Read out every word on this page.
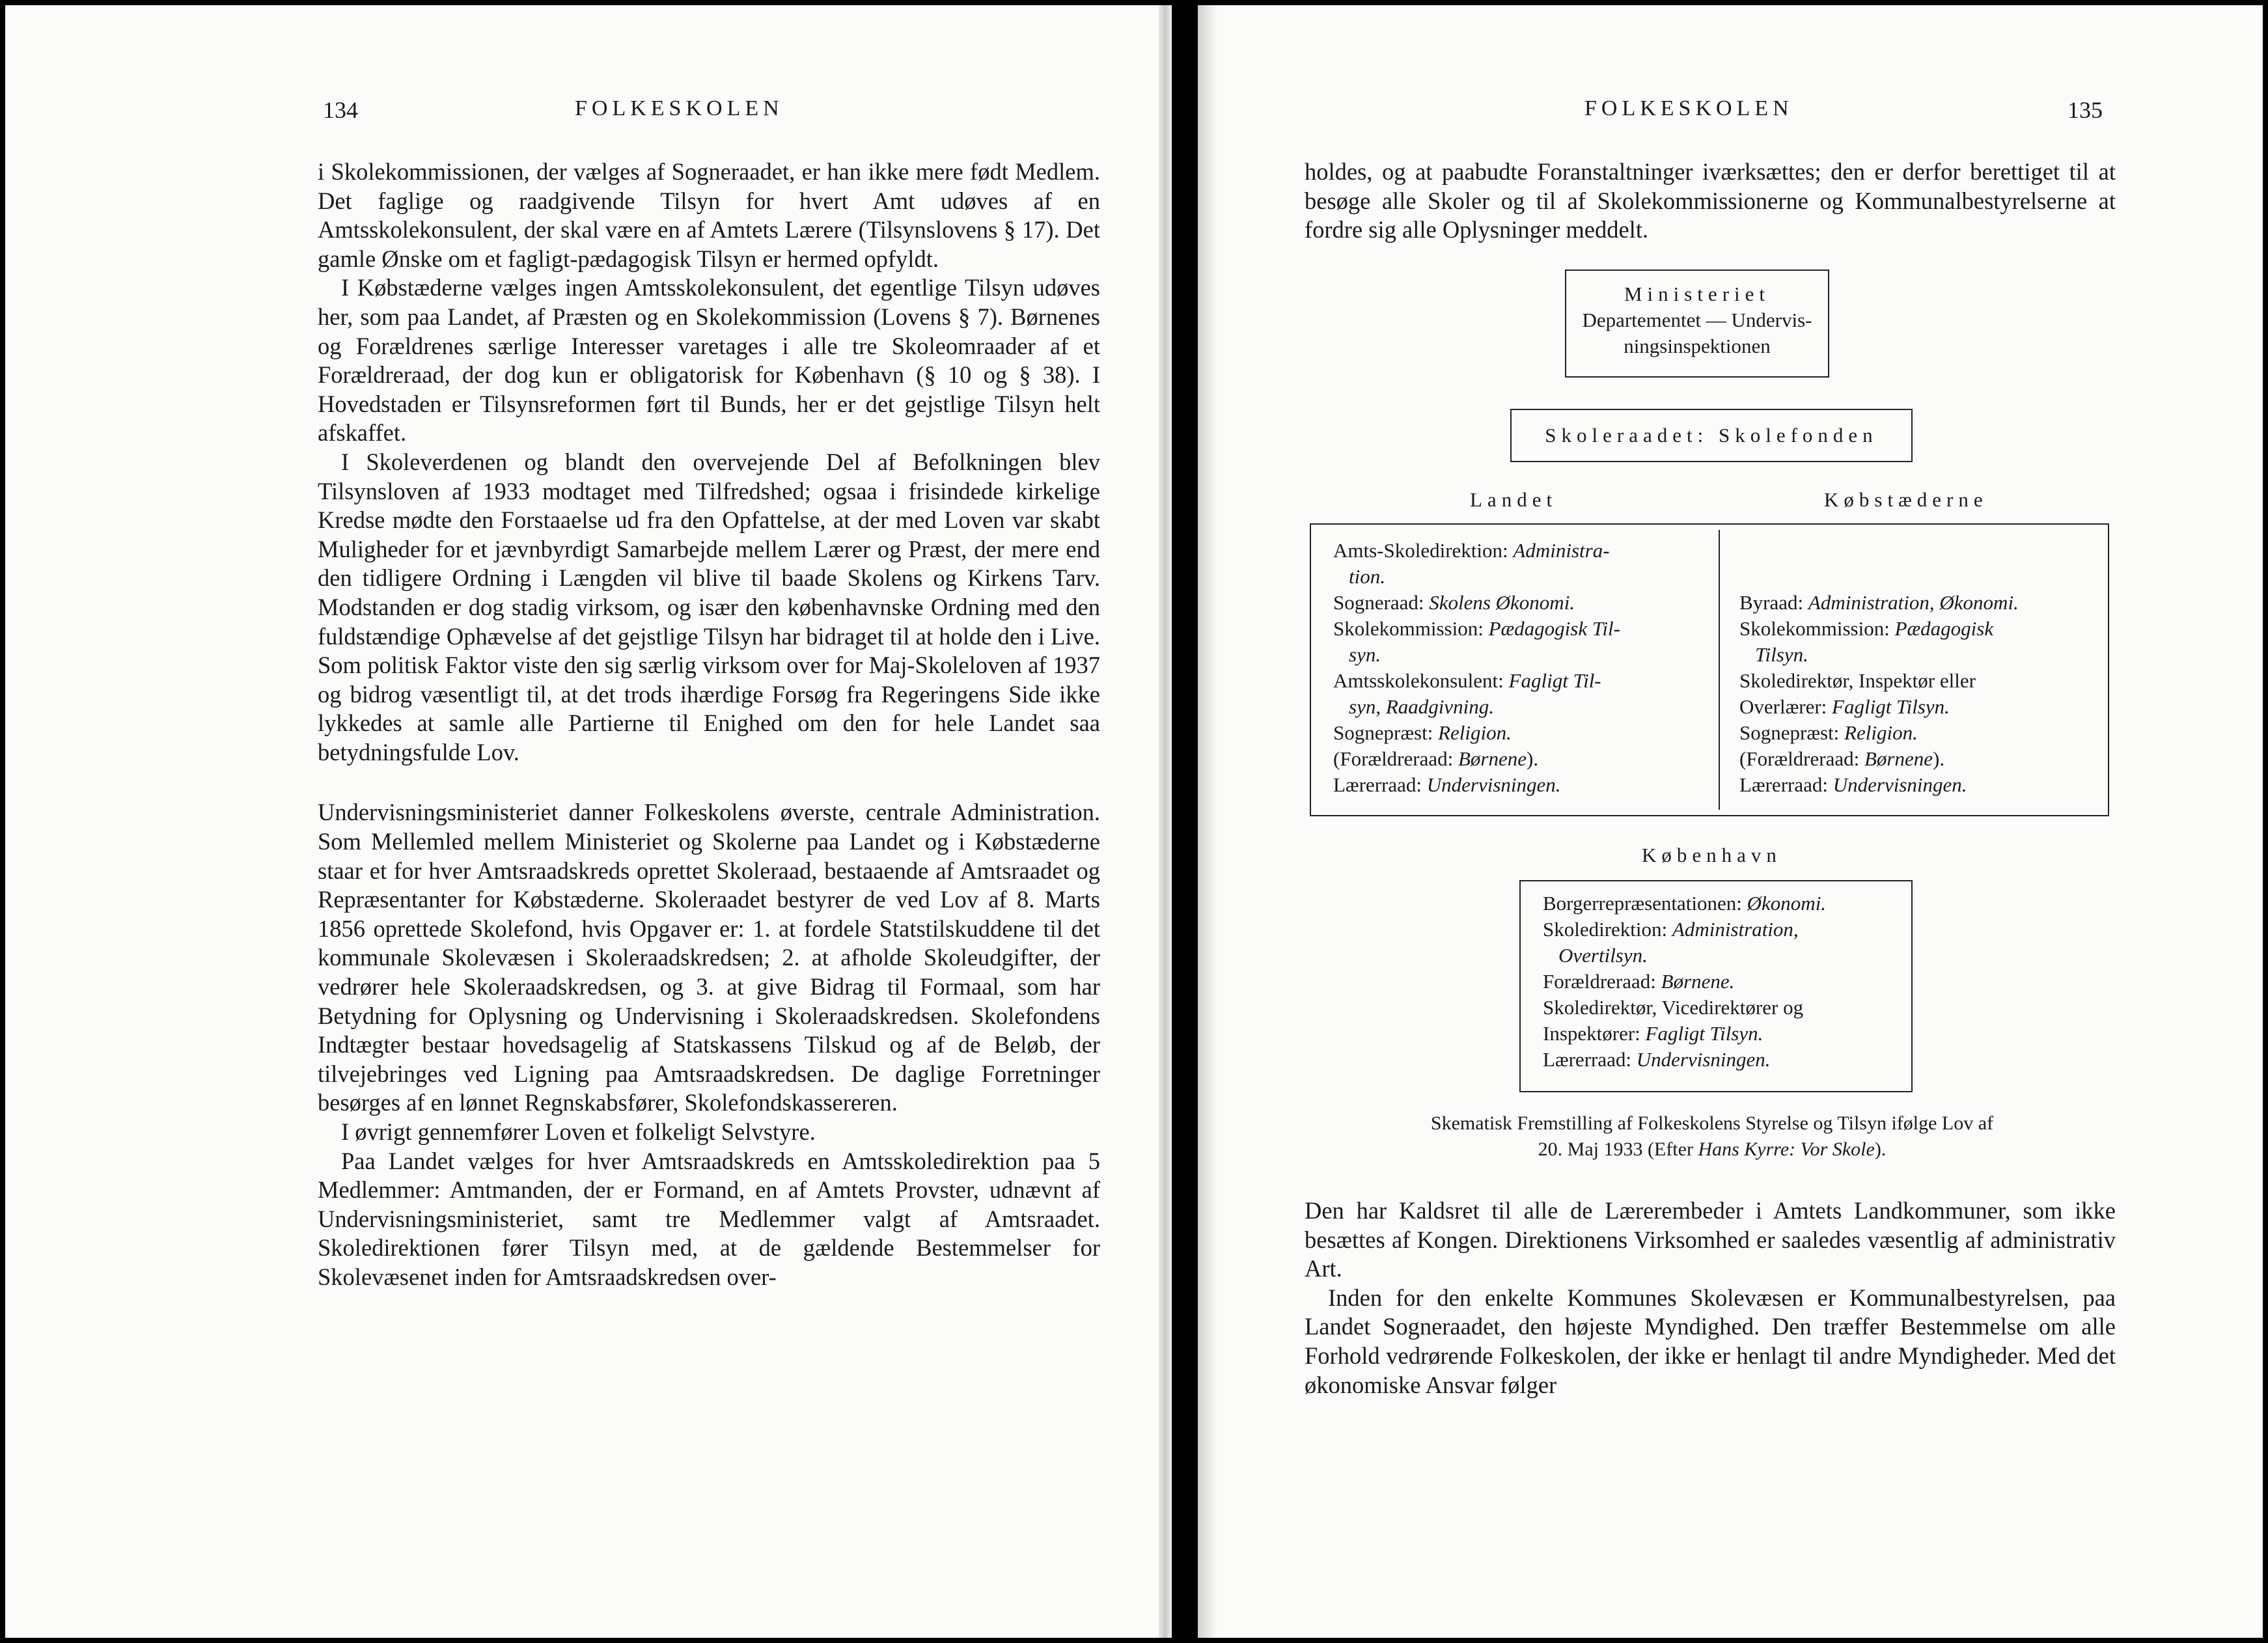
134	FOLKESKOLEN

i Skolekommissionen, der vælges af Sogneraadet, er han ikke mere født Medlem. Det faglige og raadgivende Tilsyn for hvert Amt udøves af en Amtsskolekonsulent, der skal være en af Amtets Lærere (Tilsynslovens § 17). Det gamle Ønske om et fagligt-pædagogisk Tilsyn er hermed opfyldt.

I Købstæderne vælges ingen Amtsskolekonsulent, det egentlige Tilsyn udøves her, som paa Landet, af Præsten og en Skolekommission (Lovens § 7). Børnenes og Forældrenes særlige Interesser varetages i alle tre Skoleomraader af et Forældreraad, der dog kun er obligatorisk for København (§ 10 og § 38). I Hovedstaden er Tilsynsreformen ført til Bunds, her er det gejstlige Tilsyn helt afskaffet.

I Skoleverdenen og blandt den overvejende Del af Befolkningen blev Tilsynsloven af 1933 modtaget med Tilfredshed; ogsaa i frisindede kirkelige Kredse mødte den Forstaaelse ud fra den Opfattelse, at der med Loven var skabt Muligheder for et jævnbyrdigt Samarbejde mellem Lærer og Præst, der mere end den tidligere Ordning i Længden vil blive til baade Skolens og Kirkens Tarv. Modstanden er dog stadig virksom, og især den københavnske Ordning med den fuldstændige Ophævelse af det gejstlige Tilsyn har bidraget til at holde den i Live. Som politisk Faktor viste den sig særlig virksom over for Maj-Skoleloven af 1937 og bidrog væsentligt til, at det trods ihærdige Forsøg fra Regeringens Side ikke lykkedes at samle alle Partierne til Enighed om den for hele Landet saa betydningsfulde Lov.

Undervisningsministeriet danner Folkeskolens øverste, centrale Administration. Som Mellemled mellem Ministeriet og Skolerne paa Landet og i Købstæderne staar et for hver Amtsraadskreds oprettet Skoleraad, bestaaende af Amtsraadet og Repræsentanter for Købstæderne. Skoleraadet bestyrer de ved Lov af 8. Marts 1856 oprettede Skolefond, hvis Opgaver er: 1. at fordele Statstilskuddene til det kommunale Skolevæsen i Skoleraadskredsen; 2. at afholde Skoleudgifter, der vedrører hele Skoleraadskredsen, og 3. at give Bidrag til Formaal, som har Betydning for Oplysning og Undervisning i Skoleraadskredsen. Skolefondens Indtægter bestaar hovedsagelig af Statskassens Tilskud og af de Beløb, der tilvejebringes ved Ligning paa Amtsraadskredsen. De daglige Forretninger besørges af en lønnet Regnskabsfører, Skolefondskassereren.

I øvrigt gennemfører Loven et folkeligt Selvstyre.

Paa Landet vælges for hver Amtsraadskreds en Amtsskoledirektion paa 5 Medlemmer: Amtmanden, der er Formand, en af Amtets Provster, udnævnt af Undervisningsministeriet, samt tre Medlemmer valgt af Amtsraadet. Skoledirektionen fører Tilsyn med, at de gældende Bestemmelser for Skolevæsenet inden for Amtsraadskredsen over-

FOLKESKOLEN	135

holdes, og at paabudte Foranstaltninger iværksættes; den er derfor berettiget til at besøge alle Skoler og til af Skolekommissionerne og Kommunalbestyrelserne at fordre sig alle Oplysninger meddelt.

Ministeriet
Departementet — Undervis-
ningsinspektionen
Skoleraadet: Skolefonden
Landet	Købstæderne
Amts-Skoledirektion: Administra-
tion.
Sogneraad: Skolens Økonomi.
Skolekommission: Pædagogisk Til-
syn.
Amtsskolekonsulent: Fagligt Til-
syn, Raadgivning.
Sognepræst: Religion.
(Forældreraad: Børnene).
Lærerraad: Undervisningen.
Byraad: Administration, Økonomi.
Skolekommission: Pædagogisk
Tilsyn.
Skoledirektør, Inspektør eller
Overlærer: Fagligt Tilsyn.
Sognepræst: Religion.
(Forældreraad: Børnene).
Lærerraad: Undervisningen.
København
Borgerrepræsentationen: Økonomi.
Skoledirektion: Administration,
Overtilsyn.
Forældreraad: Børnene.
Skoledirektør, Vicedirektører og
Inspektører: Fagligt Tilsyn.
Lærerraad: Undervisningen.
Skematisk Fremstilling af Folkeskolens Styrelse og Tilsyn ifølge Lov af
20. Maj 1933 (Efter Hans Kyrre: Vor Skole).

Den har Kaldsret til alle de Lærerembeder i Amtets Landkommuner, som ikke besættes af Kongen. Direktionens Virksomhed er saaledes væsentlig af administrativ Art.

Inden for den enkelte Kommunes Skolevæsen er Kommunalbestyrelsen, paa Landet Sogneraadet, den højeste Myndighed. Den træffer Bestemmelse om alle Forhold vedrørende Folkeskolen, der ikke er henlagt til andre Myndigheder. Med det økonomiske Ansvar følger
